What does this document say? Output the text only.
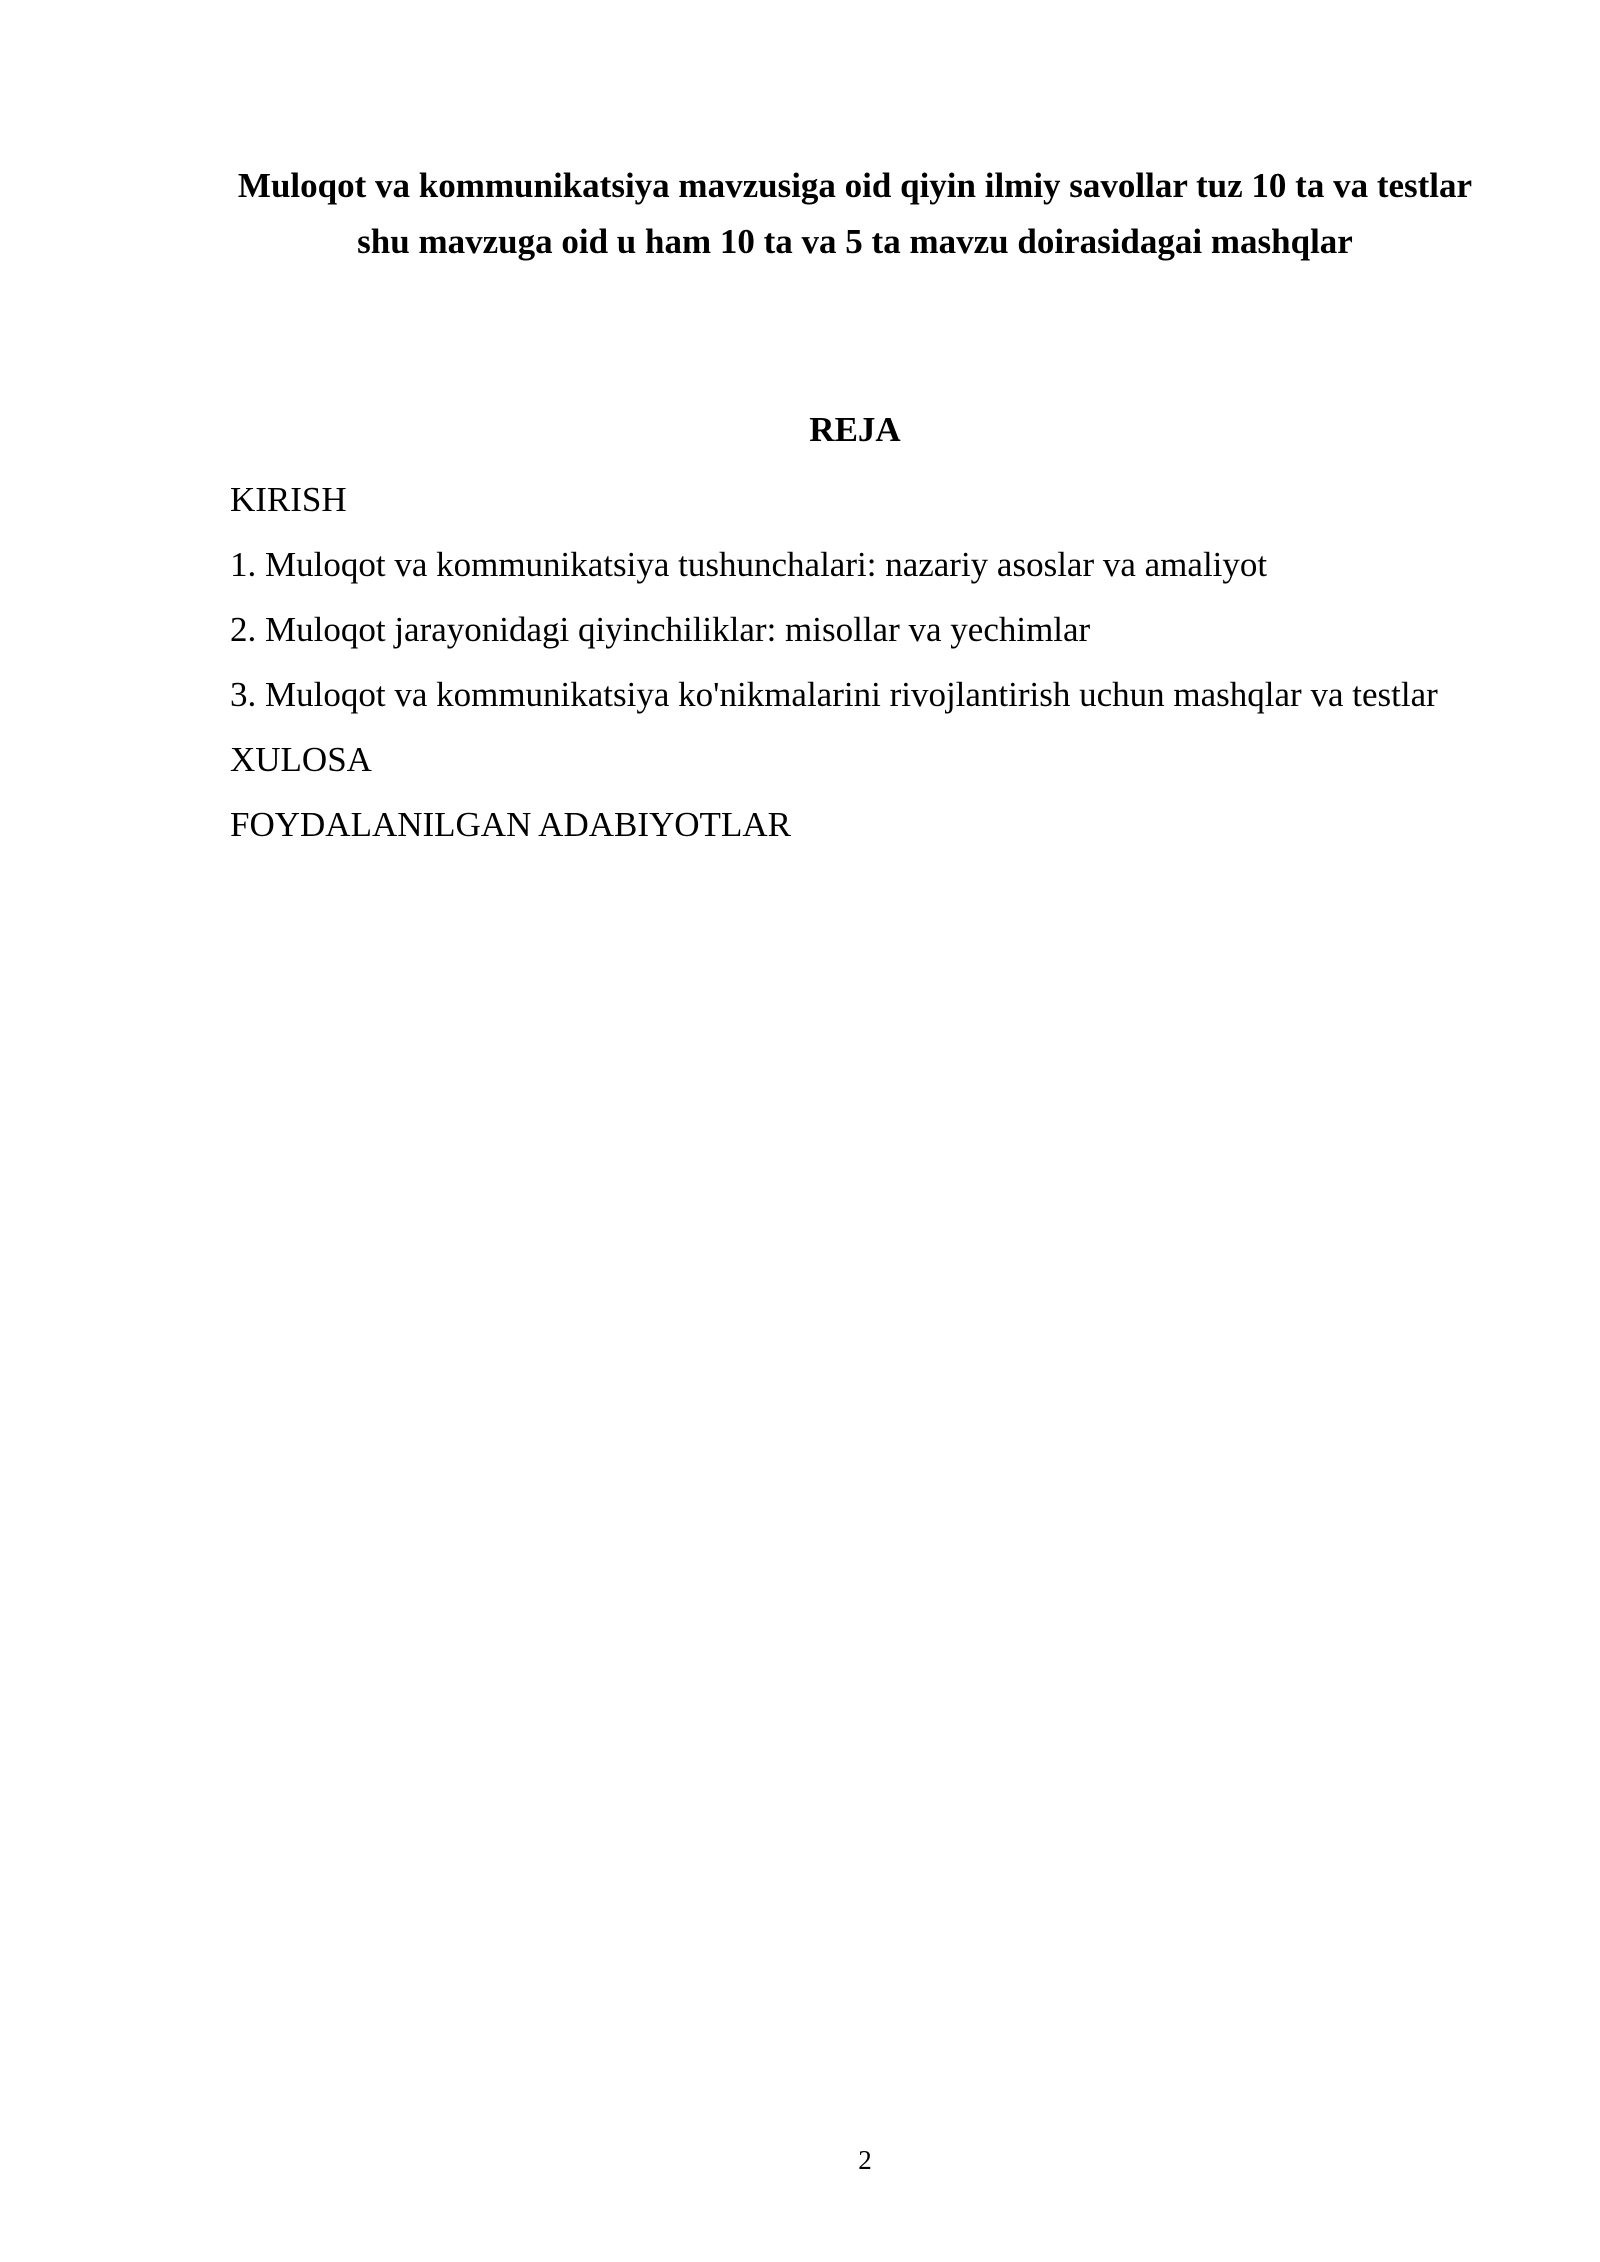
Muloqot va kommunikatsiya mavzusiga oid qiyin ilmiy savollar tuz 10 ta va testlar shu mavzuga oid u ham 10 ta va 5 ta mavzu doirasidagai mashqlar
REJA
KIRISH
1. Muloqot va kommunikatsiya tushunchalari: nazariy asoslar va amaliyot
2. Muloqot jarayonidagi qiyinchiliklar: misollar va yechimlar
3. Muloqot va kommunikatsiya ko'nikmalarini rivojlantirish uchun mashqlar va testlar
XULOSA
FOYDALANILGAN ADABIYOTLAR
2
